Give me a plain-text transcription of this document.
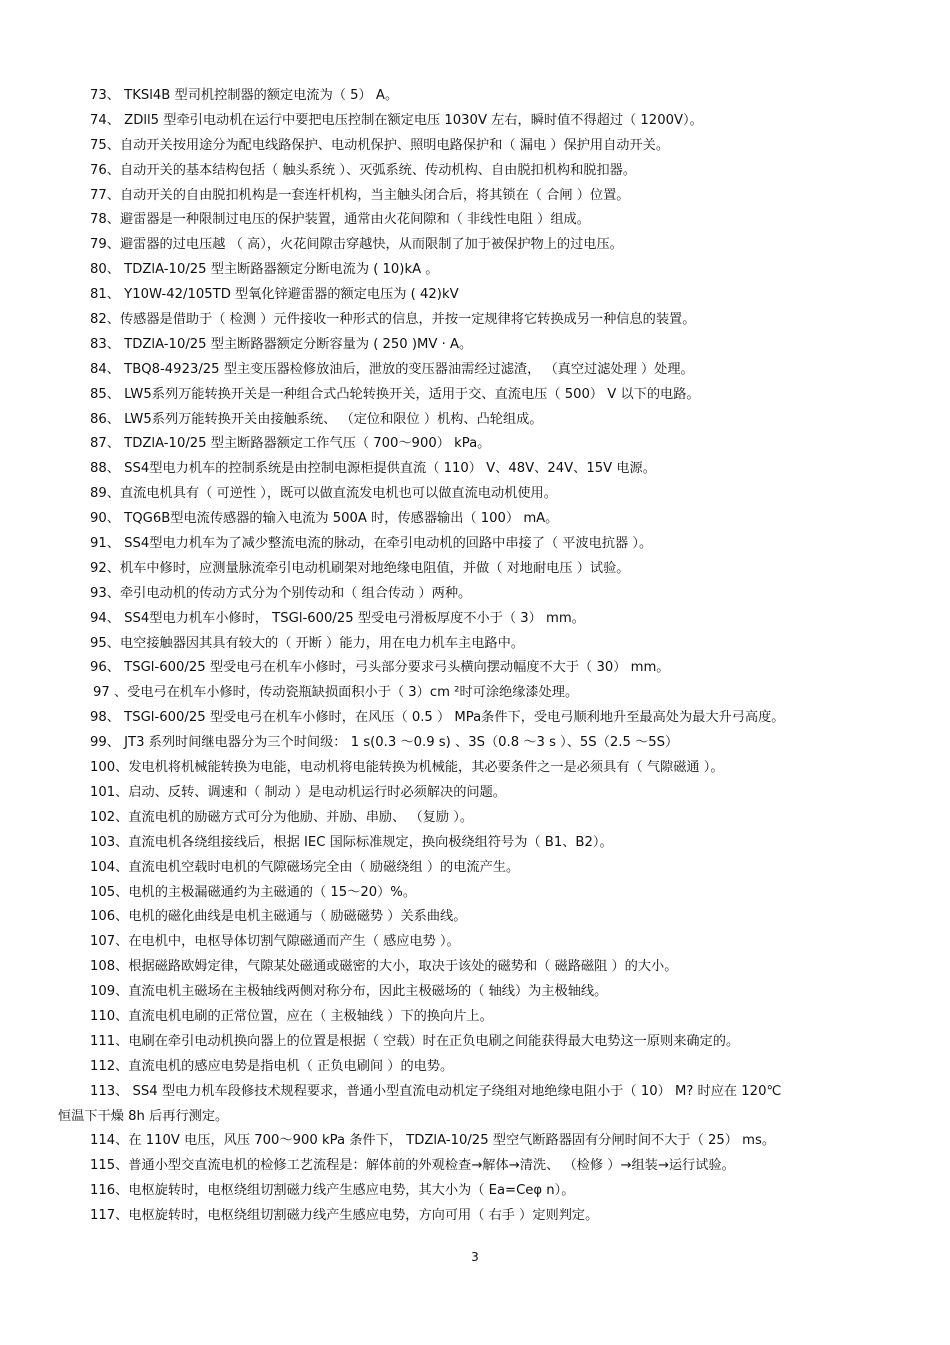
73、 TKSl4B 型司机控制器的额定电流为（ 5） A。
74、 ZDll5 型牵引电动机在运行中要把电压控制在额定电压 1030V 左右，瞬时值不得超过（ 1200V）。
75、自动开关按用途分为配电线路保护、电动机保护、照明电路保护和（ 漏电 ）保护用自动开关。
76、自动开关的基本结构包括（ 触头系统 ）、灭弧系统、传动机构、自由脱扣机构和脱扣器。
77、自动开关的自由脱扣机构是一套连杆机构，当主触头闭合后，将其锁在（ 合闸 ）位置。
78、避雷器是一种限制过电压的保护装置，通常由火花间隙和（ 非线性电阻 ）组成。
79、避雷器的过电压越 （ 高），火花间隙击穿越快，从而限制了加于被保护物上的过电压。
80、 TDZlA-10/25 型主断路器额定分断电流为 ( 10)kA 。
81、 Y10W-42/105TD 型氧化锌避雷器的额定电压为 ( 42)kV
82、传感器是借助于（ 检测 ）元件接收一种形式的信息，并按一定规律将它转换成另一种信息的装置。
83、 TDZlA-10/25 型主断路器额定分断容量为 ( 250 )MV · A。
84、 TBQ8-4923/25 型主变压器检修放油后，泄放的变压器油需经过滤渣， （真空过滤处理 ）处理。
85、 LW5系列万能转换开关是一种组合式凸轮转换开关，适用于交、直流电压（ 500） V 以下的电路。
86、 LW5系列万能转换开关由接触系统、 （定位和限位 ）机构、凸轮组成。
87、 TDZlA-10/25 型主断路器额定工作气压（ 700～900） kPa。
88、 SS4型电力机车的控制系统是由控制电源柜提供直流（ 110） V、48V、24V、15V 电源。
89、直流电机具有（ 可逆性 ），既可以做直流发电机也可以做直流电动机使用。
90、 TQG6B型电流传感器的输入电流为 500A 时，传感器输出（ 100） mA。
91、 SS4型电力机车为了减少整流电流的脉动，在牵引电动机的回路中串接了（ 平波电抗器 ）。
92、机车中修时，应测量脉流牵引电动机刷架对地绝缘电阻值，并做（ 对地耐电压 ）试验。
93、牵引电动机的传动方式分为个别传动和（ 组合传动 ）两种。
94、 SS4型电力机车小修时， TSGl-600/25 型受电弓滑板厚度不小于（ 3） mm。
95、电空接触器因其具有较大的（ 开断 ）能力，用在电力机车主电路中。
96、 TSGl-600/25 型受电弓在机车小修时，弓头部分要求弓头横向摆动幅度不大于（ 30） mm。
97 、受电弓在机车小修时，传动瓷瓶缺损面积小于（ 3）cm ²时可涂绝缘漆处理。
98、 TSGl-600/25 型受电弓在机车小修时，在风压（ 0.5 ） MPa条件下，受电弓顺利地升至最高处为最大升弓高度。
99、 JT3 系列时间继电器分为三个时间级： 1 s(0.3 ～0.9 s) 、3S（0.8 ～3 s ）、5S（2.5 ～5S）
100、发电机将机械能转换为电能，电动机将电能转换为机械能，其必要条件之一是必须具有（ 气隙磁通 ）。
101、启动、反转、调速和（ 制动 ）是电动机运行时必须解决的问题。
102、直流电机的励磁方式可分为他励、并励、串励、 （复励 ）。
103、直流电机各绕组接线后，根据 IEC 国际标准规定，换向极绕组符号为（ B1、B2）。
104、直流电机空载时电机的气隙磁场完全由（ 励磁绕组 ）的电流产生。
105、电机的主极漏磁通约为主磁通的（ 15～20）%。
106、电机的磁化曲线是电机主磁通与（ 励磁磁势 ）关系曲线。
107、在电机中，电枢导体切割气隙磁通而产生（ 感应电势 ）。
108、根据磁路欧姆定律，气隙某处磁通或磁密的大小，取决于该处的磁势和（ 磁路磁阻 ）的大小。
109、直流电机主磁场在主极轴线两侧对称分布，因此主极磁场的（ 轴线）为主极轴线。
110、直流电机电刷的正常位置，应在（ 主极轴线 ）下的换向片上。
111、电刷在牵引电动机换向器上的位置是根据（ 空载）时在正负电刷之间能获得最大电势这一原则来确定的。
112、直流电机的感应电势是指电机（ 正负电刷间 ）的电势。
113、 SS4 型电力机车段修技术规程要求，普通小型直流电动机定子绕组对地绝缘电阻小于（ 10） M? 时应在 120℃
恒温下干燥 8h 后再行测定。
114、在 110V 电压，风压 700～900 kPa 条件下， TDZlA-10/25 型空气断路器固有分闸时间不大于（ 25） ms。
115、普通小型交直流电机的检修工艺流程是：解体前的外观检查→解体→清洗、 （检修 ）→组装→运行试验。
116、电枢旋转时，电枢绕组切割磁力线产生感应电势，其大小为（ Ea=Ceφ n）。
117、电枢旋转时，电枢绕组切割磁力线产生感应电势，方向可用（ 右手 ）定则判定。
3
